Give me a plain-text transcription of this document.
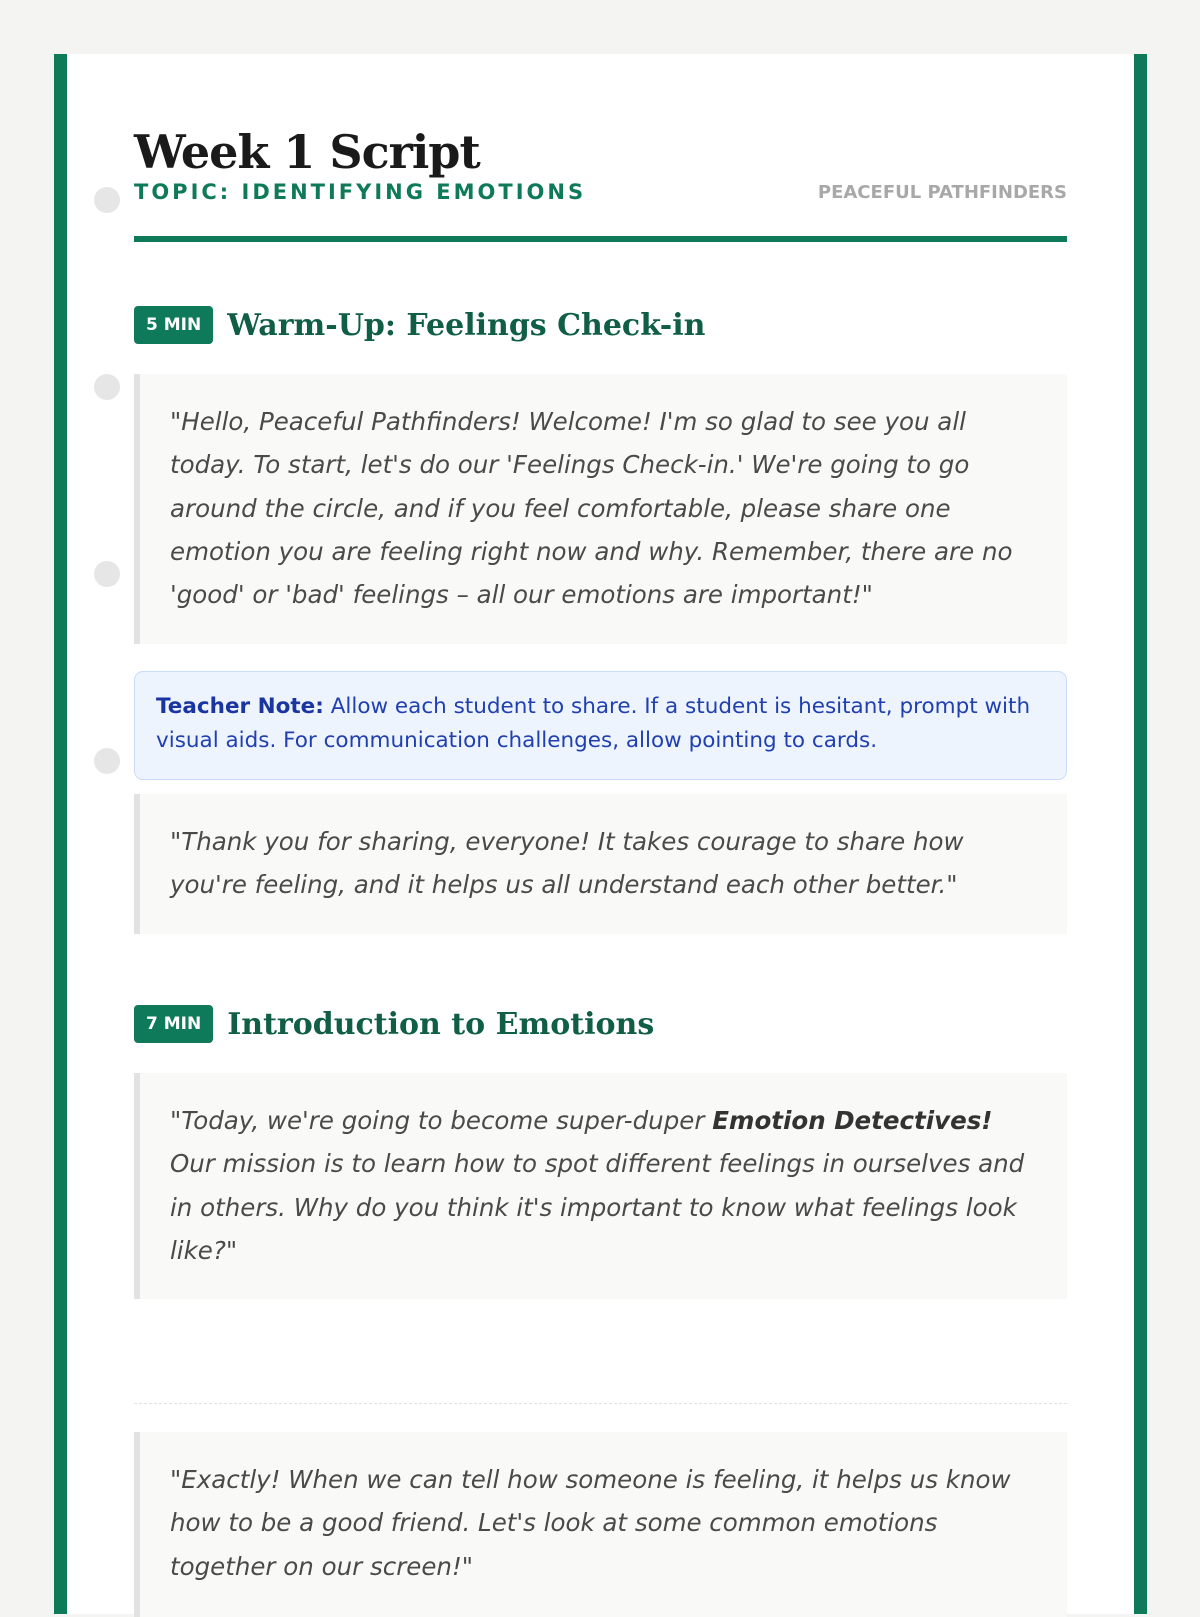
Week 1 Script
TOPIC: IDENTIFYING EMOTIONS	PEACEFUL PATHFINDERS
5 MIN Warm-Up: Feelings Check-in
"Hello, Peaceful Pathfinders! Welcome! I'm so glad to see you all today. To start, let's do our 'Feelings Check-in.' We're going to go around the circle, and if you feel comfortable, please share one emotion you are feeling right now and why. Remember, there are no 'good' or 'bad' feelings – all our emotions are important!"
Teacher Note: Allow each student to share. If a student is hesitant, prompt with visual aids. For communication challenges, allow pointing to cards.
"Thank you for sharing, everyone! It takes courage to share how you're feeling, and it helps us all understand each other better."
7 MIN Introduction to Emotions
"Today, we're going to become super-duper Emotion Detectives! Our mission is to learn how to spot different feelings in ourselves and in others. Why do you think it's important to know what feelings look like?"
"Exactly! When we can tell how someone is feeling, it helps us know how to be a good friend. Let's look at some common emotions together on our screen!"
